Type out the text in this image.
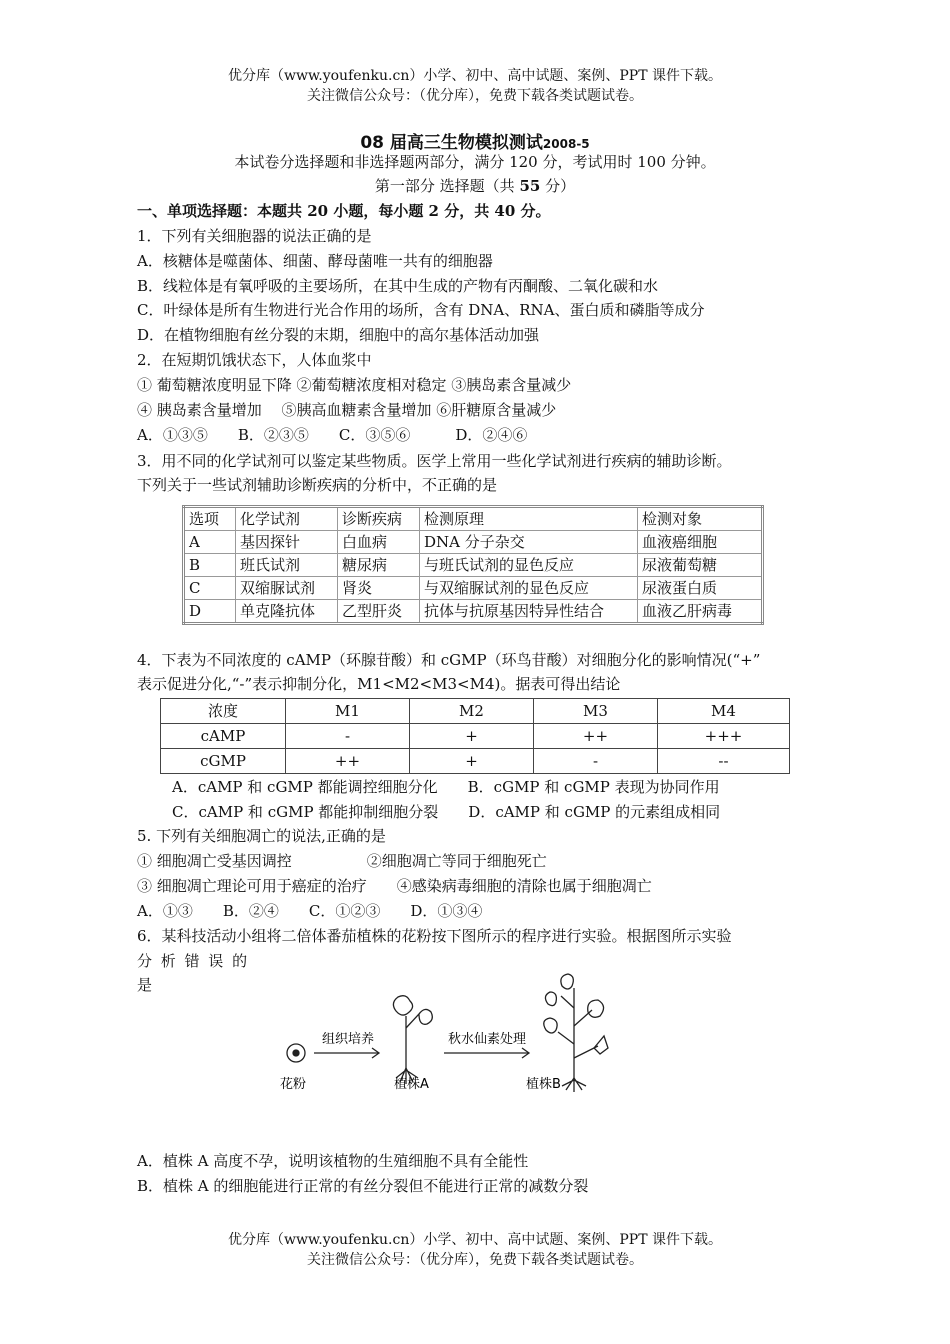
优分库（www.youfenku.cn）小学、初中、高中试题、案例、PPT 课件下载。
关注微信公众号：（优分库），免费下载各类试题试卷。
08 届高三生物模拟测试2008-5
本试卷分选择题和非选择题两部分，满分 120 分，考试用时 100 分钟。
第一部分 选择题（共 55 分）
一、单项选择题：本题共 20 小题，每小题 2 分，共 40 分。
1．下列有关细胞器的说法正确的是
A．核糖体是噬菌体、细菌、酵母菌唯一共有的细胞器
B．线粒体是有氧呼吸的主要场所，在其中生成的产物有丙酮酸、二氧化碳和水
C．叶绿体是所有生物进行光合作用的场所，含有 DNA、RNA、蛋白质和磷脂等成分
D．在植物细胞有丝分裂的末期，细胞中的高尔基体活动加强
2．在短期饥饿状态下，人体血浆中
① 葡萄糖浓度明显下降 ②葡萄糖浓度相对稳定 ③胰岛素含量减少
④ 胰岛素含量增加　 ⑤胰高血糖素含量增加 ⑥肝糖原含量减少
A．①③⑤　　B．②③⑤　　C．③⑤⑥　　　D．②④⑥
3．用不同的化学试剂可以鉴定某些物质。医学上常用一些化学试剂进行疾病的辅助诊断。
下列关于一些试剂辅助诊断疾病的分析中，不正确的是
选项	化学试剂	诊断疾病	检测原理	检测对象
A	基因探针	白血病	DNA 分子杂交	血液癌细胞
B	班氏试剂	糖尿病	与班氏试剂的显色反应	尿液葡萄糖
C	双缩脲试剂	肾炎	与双缩脲试剂的显色反应	尿液蛋白质
D	单克隆抗体	乙型肝炎	抗体与抗原基因特异性结合	血液乙肝病毒
4．下表为不同浓度的 cAMP（环腺苷酸）和 cGMP（环鸟苷酸）对细胞分化的影响情况(“+”
表示促进分化,“-”表示抑制分化，M1<M2<M3<M4)。据表可得出结论
浓度	M1	M2	M3	M4
cAMP	-	+	++	+++
cGMP	++	+	-	--
A．cAMP 和 cGMP 都能调控细胞分化　　B．cGMP 和 cGMP 表现为协同作用
C．cAMP 和 cGMP 都能抑制细胞分裂　　D．cAMP 和 cGMP 的元素组成相同
5. 下列有关细胞凋亡的说法,正确的是
① 细胞凋亡受基因调控　　　　　②细胞凋亡等同于细胞死亡
③ 细胞凋亡理论可用于癌症的治疗　　④感染病毒细胞的清除也属于细胞凋亡
A．①③　　B．②④　　C．①②③　　D．①③④
6．某科技活动小组将二倍体番茄植株的花粉按下图所示的程序进行实验。根据图所示实验
分 析 错 误 的
是
花粉
组织培养
植株A
秋水仙素处理
植株B
A．植株 A 高度不孕，说明该植物的生殖细胞不具有全能性
B．植株 A 的细胞能进行正常的有丝分裂但不能进行正常的减数分裂
优分库（www.youfenku.cn）小学、初中、高中试题、案例、PPT 课件下载。
关注微信公众号：（优分库），免费下载各类试题试卷。
